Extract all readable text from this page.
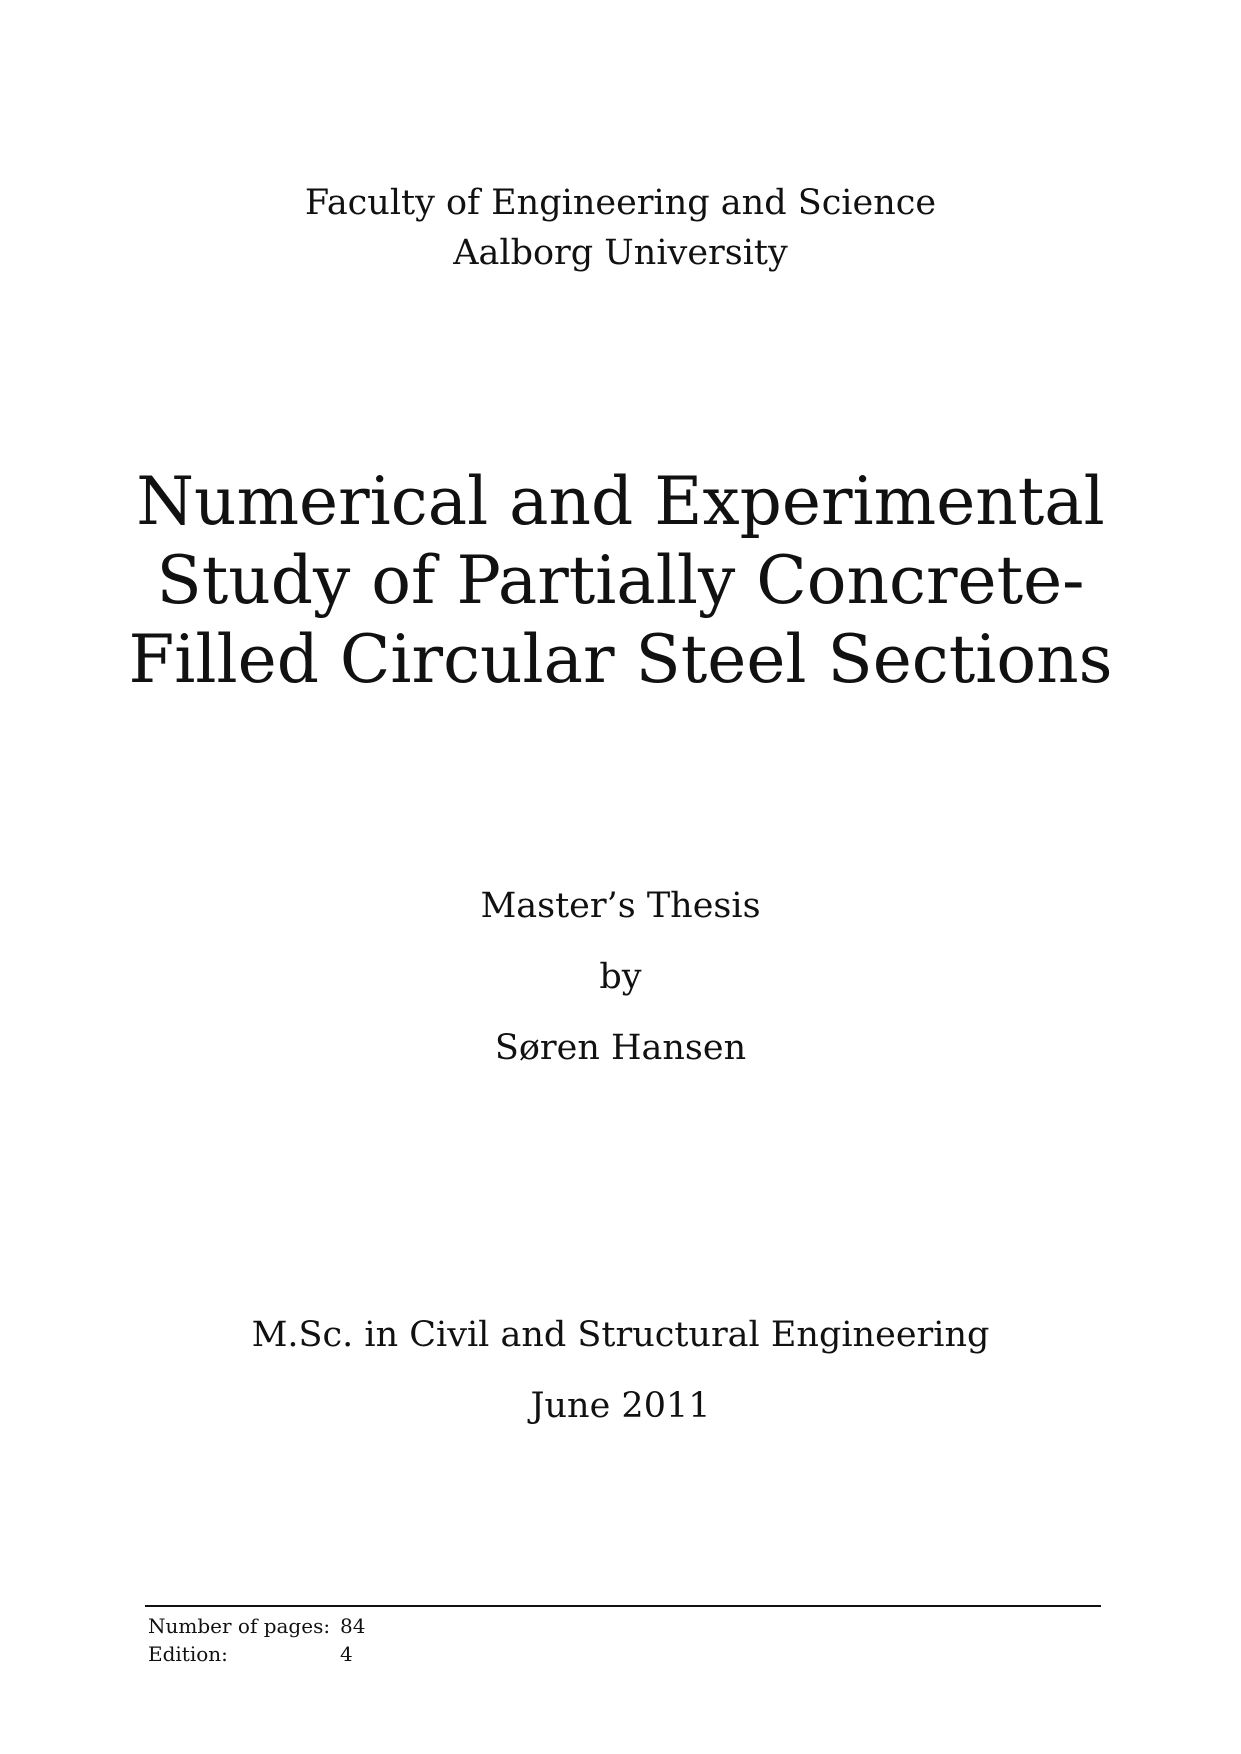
Faculty of Engineering and Science
Aalborg University
Numerical and Experimental
Study of Partially Concrete-
Filled Circular Steel Sections
Master’s Thesis
by
Søren Hansen
M.Sc. in Civil and Structural Engineering
June 2011
Number of pages: 84
Edition:	4
